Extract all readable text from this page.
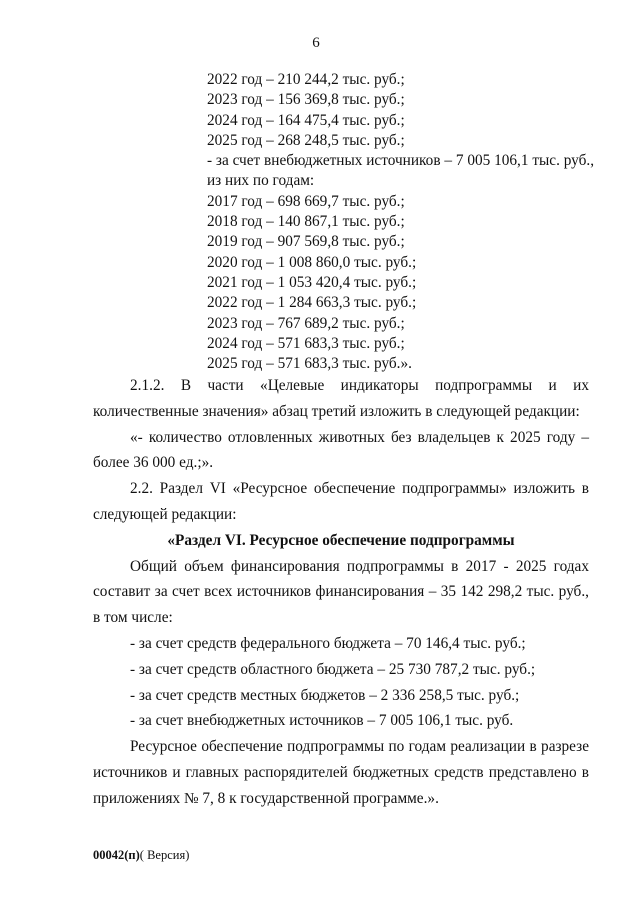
6
2022 год – 210 244,2 тыс. руб.;
2023 год – 156 369,8 тыс. руб.;
2024 год – 164 475,4 тыс. руб.;
2025 год – 268 248,5 тыс. руб.;
- за счет внебюджетных источников – 7 005 106,1 тыс. руб.,
из них по годам:
2017 год – 698 669,7 тыс. руб.;
2018 год – 140 867,1 тыс. руб.;
2019 год – 907 569,8 тыс. руб.;
2020 год – 1 008 860,0 тыс. руб.;
2021 год – 1 053 420,4 тыс. руб.;
2022 год – 1 284 663,3 тыс. руб.;
2023 год – 767 689,2 тыс. руб.;
2024 год – 571 683,3 тыс. руб.;
2025 год – 571 683,3 тыс. руб.».

2.1.2. В части «Целевые индикаторы подпрограммы и их количественные значения» абзац третий изложить в следующей редакции:

«- количество отловленных животных без владельцев к 2025 году – более 36 000 ед.;».

2.2. Раздел VI «Ресурсное обеспечение подпрограммы» изложить в следующей редакции:

«Раздел VI. Ресурсное обеспечение подпрограммы

Общий объем финансирования подпрограммы в 2017 - 2025 годах составит за счет всех источников финансирования – 35 142 298,2 тыс. руб., в том числе:

- за счет средств федерального бюджета – 70 146,4 тыс. руб.;

- за счет средств областного бюджета – 25 730 787,2 тыс. руб.;

- за счет средств местных бюджетов – 2 336 258,5 тыс. руб.;

- за счет внебюджетных источников – 7 005 106,1 тыс. руб.

Ресурсное обеспечение подпрограммы по годам реализации в разрезе источников и главных распорядителей бюджетных средств представлено в приложениях № 7, 8 к государственной программе.».

00042(п)( Версия)
